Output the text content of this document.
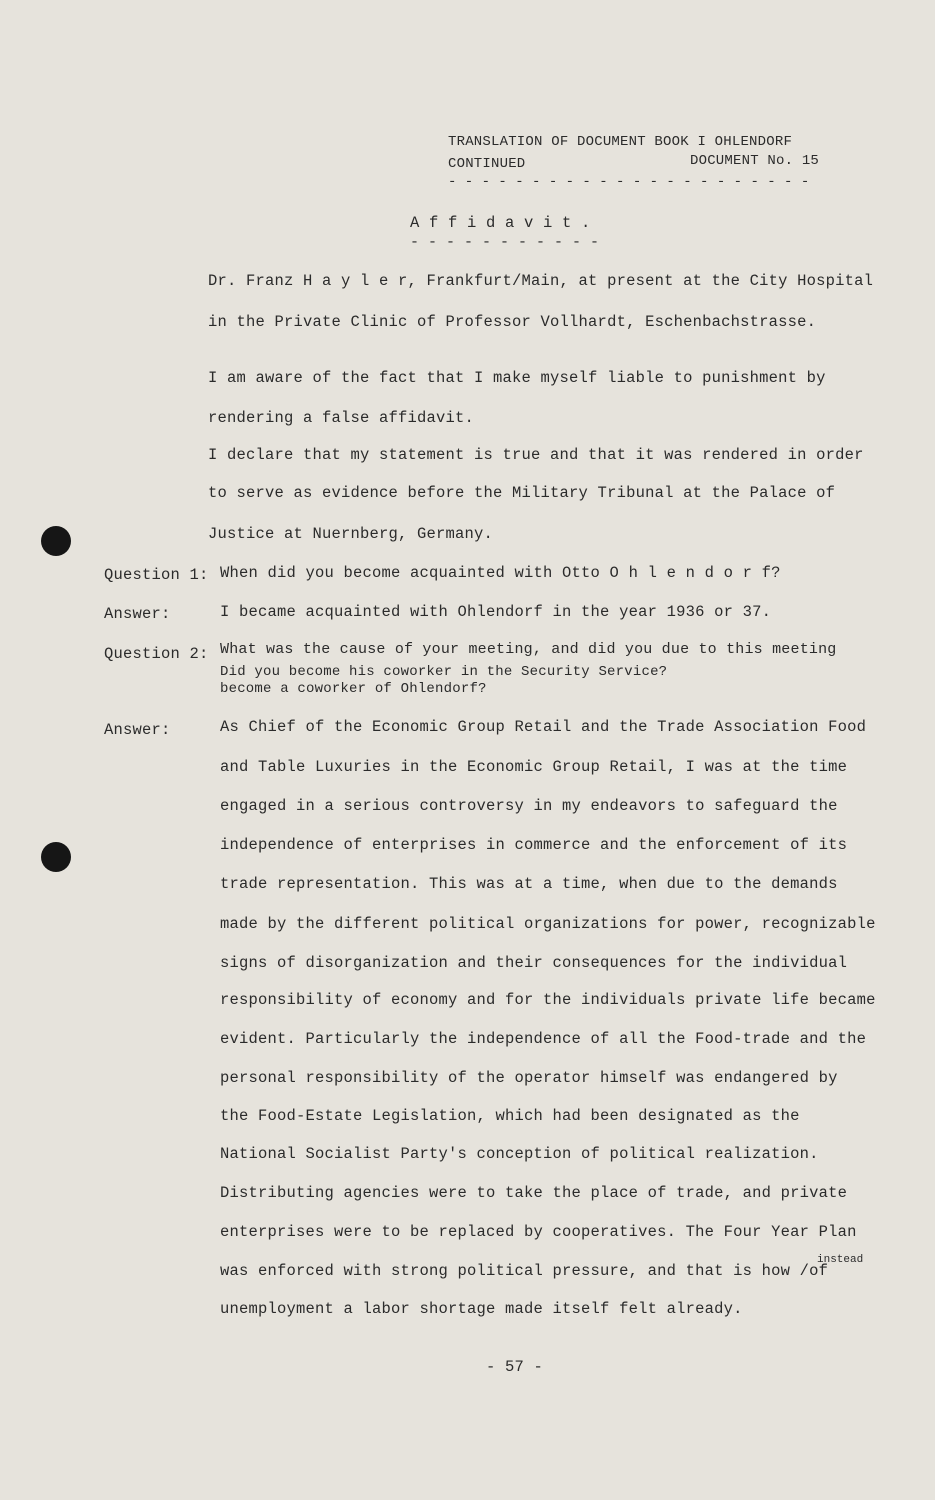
TRANSLATION OF DOCUMENT BOOK I OHLENDORF
CONTINUED	DOCUMENT No. 15
- - - - - - - - - - - - - - - - - - - - - -
A f f i d a v i t .
- - - - - - - - - - -
Dr. Franz H a y l e r, Frankfurt/Main, at present at the City Hospital
in the Private Clinic of Professor Vollhardt, Eschenbachstrasse.
I am aware of the fact that I make myself liable to punishment by
rendering a false affidavit.
I declare that my statement is true and that it was rendered in order
to serve as evidence before the Military Tribunal at the Palace of
Justice at Nuernberg, Germany.
Question 1: When did you become acquainted with Otto O h l e n d o r f?
Answer:	I became acquainted with Ohlendorf in the year 1936 or 37.
Question 2: What was the cause of your meeting, and did you due to this meeting
Did you become his coworker in the Security Service?
become a coworker of Ohlendorf?
Answer:	As Chief of the Economic Group Retail and the Trade Association Food
and Table Luxuries in the Economic Group Retail, I was at the time
engaged in a serious controversy in my endeavors to safeguard the
independence of enterprises in commerce and the enforcement of its
trade representation. This was at a time, when due to the demands
made by the different political organizations for power, recognizable
signs of disorganization and their consequences for the individual
responsibility of economy and for the individuals private life became
evident. Particularly the independence of all the Food-trade and the
personal responsibility of the operator himself was endangered by
the Food-Estate Legislation, which had been designated as the
National Socialist Party's conception of political realization.
Distributing agencies were to take the place of trade, and private
enterprises were to be replaced by cooperatives. The Four Year Plan
instead
was enforced with strong political pressure, and that is how /of
unemployment a labor shortage made itself felt already.
- 57 -
